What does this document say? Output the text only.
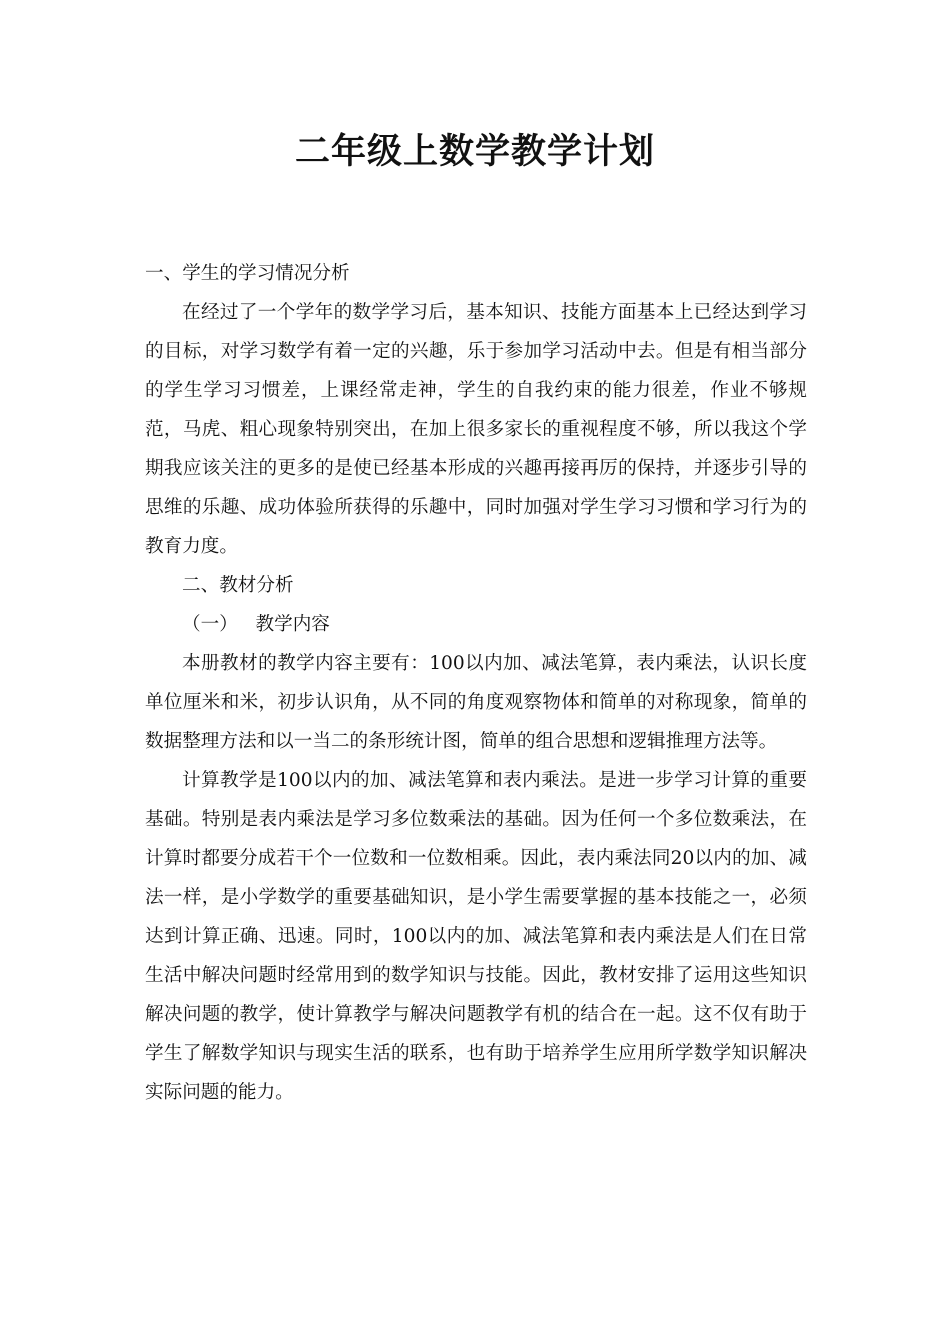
二年级上数学教学计划

一、学生的学习情况分析

在经过了一个学年的数学学习后，基本知识、技能方面基本上已经达到学习的目标，对学习数学有着一定的兴趣，乐于参加学习活动中去。但是有相当部分的学生学习习惯差，上课经常走神，学生的自我约束的能力很差，作业不够规范，马虎、粗心现象特别突出，在加上很多家长的重视程度不够，所以我这个学期我应该关注的更多的是使已经基本形成的兴趣再接再厉的保持，并逐步引导的思维的乐趣、成功体验所获得的乐趣中，同时加强对学生学习习惯和学习行为的教育力度。

二、教材分析

（一）   教学内容

本册教材的教学内容主要有：100以内加、减法笔算，表内乘法，认识长度单位厘米和米，初步认识角，从不同的角度观察物体和简单的对称现象，简单的数据整理方法和以一当二的条形统计图，简单的组合思想和逻辑推理方法等。

计算教学是100以内的加、减法笔算和表内乘法。是进一步学习计算的重要基础。特别是表内乘法是学习多位数乘法的基础。因为任何一个多位数乘法，在计算时都要分成若干个一位数和一位数相乘。因此，表内乘法同20以内的加、减法一样，是小学数学的重要基础知识，是小学生需要掌握的基本技能之一，必须达到计算正确、迅速。同时，100以内的加、减法笔算和表内乘法是人们在日常生活中解决问题时经常用到的数学知识与技能。因此，教材安排了运用这些知识解决问题的教学，使计算教学与解决问题教学有机的结合在一起。这不仅有助于学生了解数学知识与现实生活的联系，也有助于培养学生应用所学数学知识解决实际问题的能力。
